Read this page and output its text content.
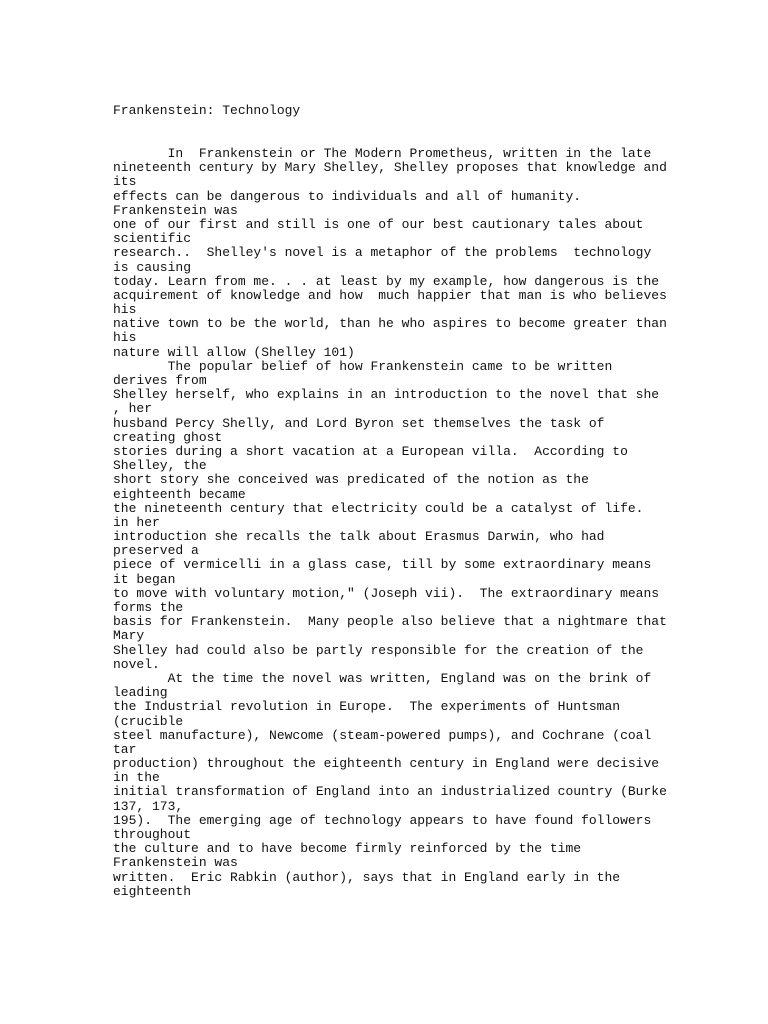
Frankenstein: Technology
In  Frankenstein or The Modern Prometheus, written in the late
nineteenth century by Mary Shelley, Shelley proposes that knowledge and
its
effects can be dangerous to individuals and all of humanity.
Frankenstein was
one of our first and still is one of our best cautionary tales about
scientific
research..  Shelley's novel is a metaphor of the problems  technology
is causing
today. Learn from me. . . at least by my example, how dangerous is the
acquirement of knowledge and how  much happier that man is who believes
his
native town to be the world, than he who aspires to become greater than
his
nature will allow (Shelley 101)
The popular belief of how Frankenstein came to be written
derives from
Shelley herself, who explains in an introduction to the novel that she
, her
husband Percy Shelly, and Lord Byron set themselves the task of
creating ghost
stories during a short vacation at a European villa.  According to
Shelley, the
short story she conceived was predicated of the notion as the
eighteenth became
the nineteenth century that electricity could be a catalyst of life.
in her
introduction she recalls the talk about Erasmus Darwin, who had
preserved a
piece of vermicelli in a glass case, till by some extraordinary means
it began
to move with voluntary motion," (Joseph vii).  The extraordinary means
forms the
basis for Frankenstein.  Many people also believe that a nightmare that
Mary
Shelley had could also be partly responsible for the creation of the
novel.
At the time the novel was written, England was on the brink of
leading
the Industrial revolution in Europe.  The experiments of Huntsman
(crucible
steel manufacture), Newcome (steam-powered pumps), and Cochrane (coal
tar
production) throughout the eighteenth century in England were decisive
in the
initial transformation of England into an industrialized country (Burke
137, 173,
195).  The emerging age of technology appears to have found followers
throughout
the culture and to have become firmly reinforced by the time
Frankenstein was
written.  Eric Rabkin (author), says that in England early in the
eighteenth
